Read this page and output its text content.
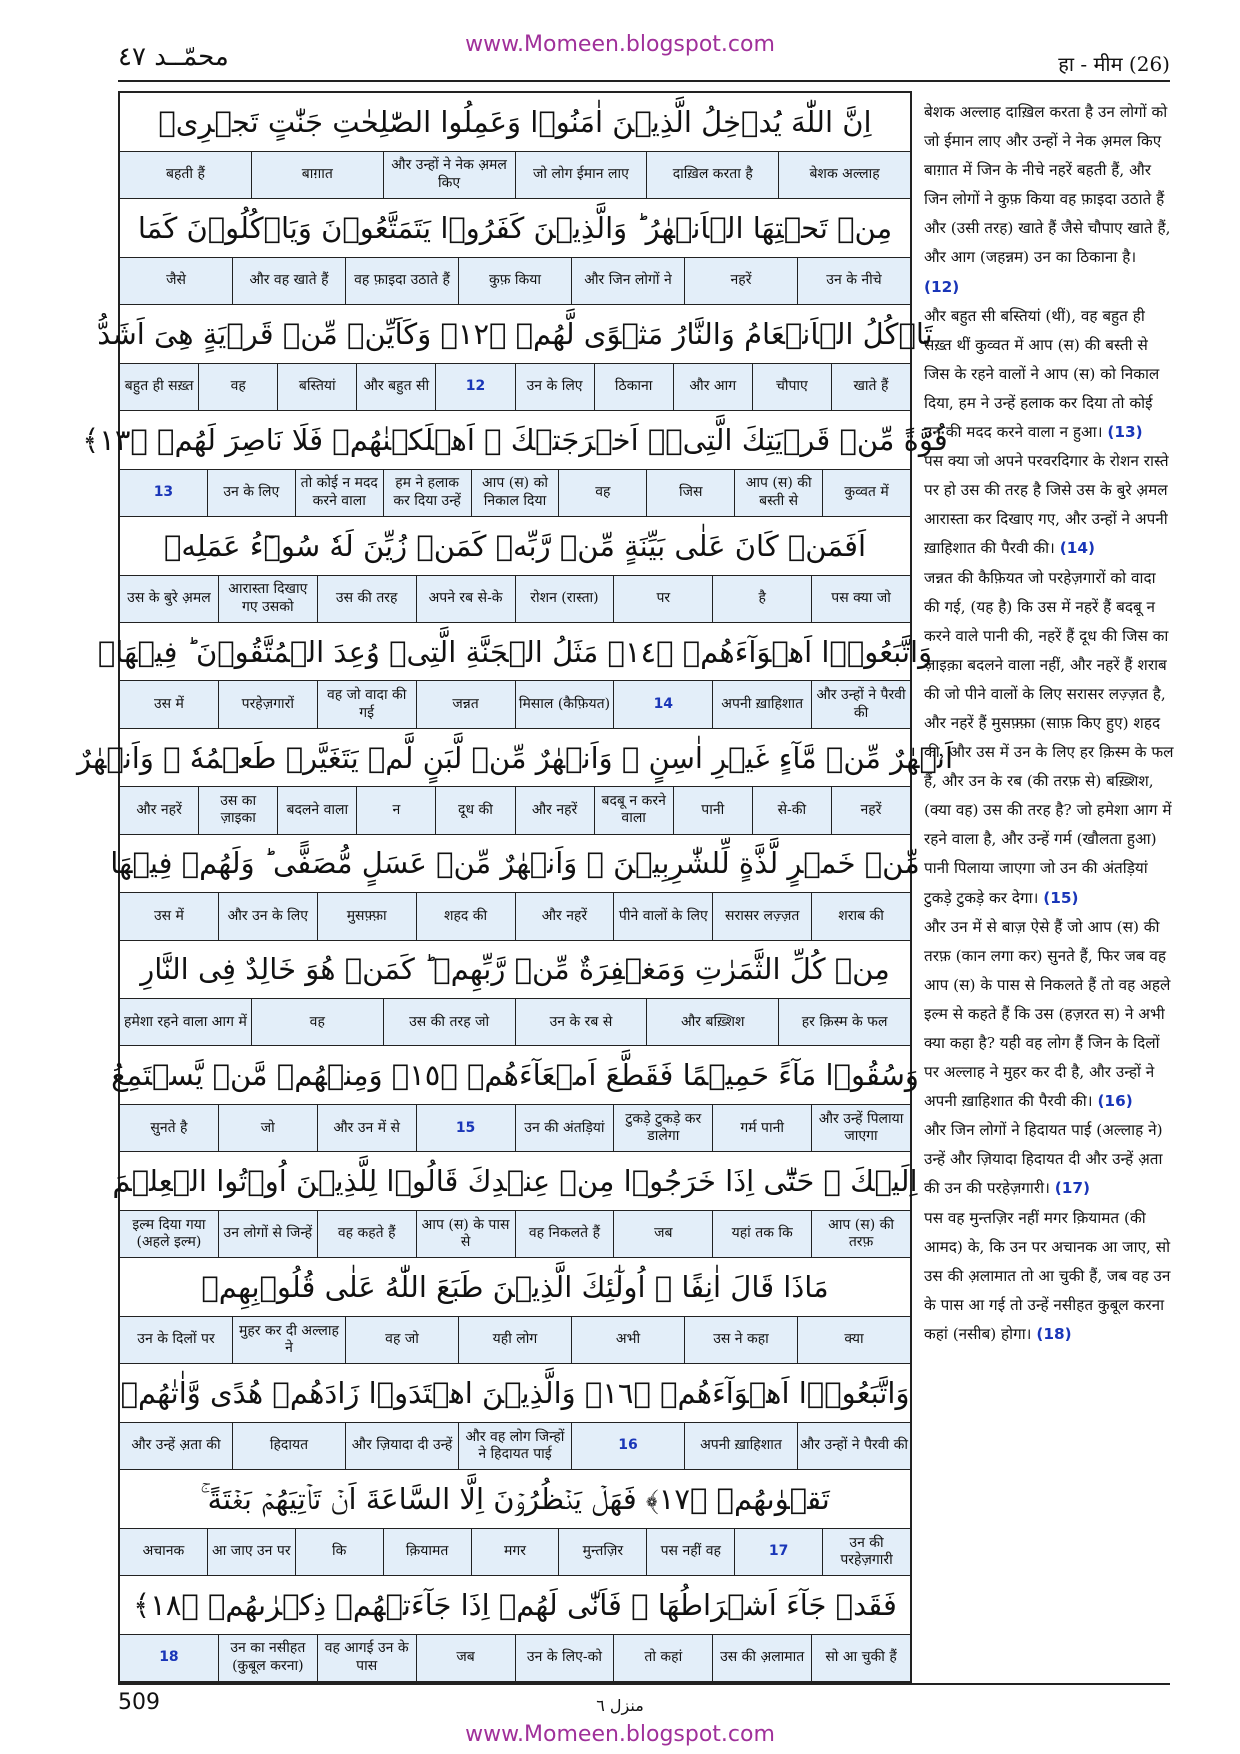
www.Momeen.blogspot.com
محمّــد ٤٧	हा - मीम (26)
اِنَّ اللّٰهَ يُدۡخِلُ الَّذِيۡنَ اٰمَنُوۡا وَعَمِلُوا الصّٰلِحٰتِ جَنّٰتٍ تَجۡرِىۡ
बेशक अल्लाह
दाख़िल करता है
जो लोग ईमान लाए
और उन्हों ने नेक अ़मल किए
बाग़ात
बहती हैं
مِنۡ تَحۡتِهَا الۡاَنۡهٰرُ ؕ وَالَّذِيۡنَ كَفَرُوۡا يَتَمَتَّعُوۡنَ وَيَاۡكُلُوۡنَ كَمَا
उन के नीचे
नहरें
और जिन लोगों ने
कुफ़ किया
वह फ़ाइदा उठाते हैं
और वह खाते हैं
जैसे
تَاۡكُلُ الۡاَنۡعَامُ وَالنَّارُ مَثۡوًى لَّهُمۡ ﴿١٢﴾ وَكَاَيِّنۡ مِّنۡ قَرۡيَةٍ هِىَ اَشَدُّ
खाते हैं
चौपाए
और आग
ठिकाना
उन के लिए
12
और बहुत सी
बस्तियां
वह
बहुत ही सख़्त
قُوَّةً مِّنۡ قَرۡيَتِكَ الَّتِىۡۤ اَخۡرَجَتۡكَ ۚ اَهۡلَكۡنٰهُمۡ فَلَا نَاصِرَ لَهُمۡ ﴿١٣﴾
कुव्वत में
आप (स) की बस्ती से
जिस
वह
आप (स) को निकाल दिया
हम ने हलाक कर दिया उन्हें
तो कोई न मदद करने वाला
उन के लिए
13
اَفَمَنۡ كَانَ عَلٰى بَيِّنَةٍ مِّنۡ رَّبِّهٖ كَمَنۡ زُيِّنَ لَهٗ سُوۡٓءُ عَمَلِهٖ
पस क्या जो
है
पर
रोशन (रास्ता)
अपने रब से-के
उस की तरह
आरास्ता दिखाए गए उसको
उस के बुरे अ़मल
وَاتَّبَعُوۡۤا اَهۡوَآءَهُمۡ ﴿١٤﴾ مَثَلُ الۡجَنَّةِ الَّتِىۡ وُعِدَ الۡمُتَّقُوۡنَ ؕ فِيۡهَاۤ
और उन्हों ने पैरवी की
अपनी ख़ाहिशात
14
मिसाल (कैफ़ियत)
जन्नत
वह जो वादा की गई
परहेज़गारों
उस में
اَنۡهٰرٌ مِّنۡ مَّآءٍ غَيۡرِ اٰسِنٍ ۚ وَاَنۡهٰرٌ مِّنۡ لَّبَنٍ لَّمۡ يَتَغَيَّرۡ طَعۡمُهٗ ۚ وَاَنۡهٰرٌ
नहरें
से-की
पानी
बदबू न करने वाला
और नहरें
दूध की
न
बदलने वाला
उस का ज़ाइका
और नहरें
مِّنۡ خَمۡرٍ لَّذَّةٍ لِّلشّٰرِبِيۡنَ ۚ وَاَنۡهٰرٌ مِّنۡ عَسَلٍ مُّصَفًّى ؕ وَلَهُمۡ فِيۡهَا
शराब की
सरासर लज़्ज़त
पीने वालों के लिए
और नहरें
शहद की
मुसफ़्फ़ा
और उन के लिए
उस में
مِنۡ كُلِّ الثَّمَرٰتِ وَمَغۡفِرَةٌ مِّنۡ رَّبِّهِمۡ ؕ كَمَنۡ هُوَ خَالِدٌ فِى النَّارِ
हर क़िस्म के फल
और बख़्शिश
उन के रब से
उस की तरह जो
वह
हमेशा रहने वाला आग में
وَسُقُوۡا مَآءً حَمِيۡمًا فَقَطَّعَ اَمۡعَآءَهُمۡ ﴿١٥﴾ وَمِنۡهُمۡ مَّنۡ يَّسۡتَمِعُ
और उन्हें पिलाया जाएगा
गर्म पानी
टुकड़े टुकड़े कर डालेगा
उन की अंतड़ियां
15
और उन में से
जो
सुनते है
اِلَيۡكَ ۚ حَتّٰٓى اِذَا خَرَجُوۡا مِنۡ عِنۡدِكَ قَالُوۡا لِلَّذِيۡنَ اُوۡتُوا الۡعِلۡمَ
आप (स) की तरफ़
यहां तक कि
जब
वह निकलते हैं
आप (स) के पास से
वह कहते हैं
उन लोगों से जिन्हें
इल्म दिया गया (अहले इल्म)
مَاذَا قَالَ اٰنِفًا ۗ اُولٰٓئِكَ الَّذِيۡنَ طَبَعَ اللّٰهُ عَلٰى قُلُوۡبِهِمۡ
क्या
उस ने कहा
अभी
यही लोग
वह जो
मुहर कर दी अल्लाह ने
उन के दिलों पर
وَاتَّبَعُوۡۤا اَهۡوَآءَهُمۡ ﴿١٦﴾ وَالَّذِيۡنَ اهۡتَدَوۡا زَادَهُمۡ هُدًى وَّاٰتٰهُمۡ
और उन्हों ने पैरवी की
अपनी ख़ाहिशात
16
और वह लोग जिन्हों ने हिदायत पाई
और ज़ियादा दी उन्हें
हिदायत
और उन्हें अ़ता की
تَقۡوٰٮهُمۡ ﴿١٧﴾ فَهَلۡ يَنۡظُرُوۡنَ اِلَّا السَّاعَةَ اَنۡ تَاۡتِيَهُمۡ بَغۡتَةً ۚ
उन की परहेज़गारी
17
पस नहीं वह
मुन्तज़िर
मगर
क़ियामत
कि
आ जाए उन पर
अचानक
فَقَدۡ جَآءَ اَشۡرَاطُهَا ۚ فَاَنّٰى لَهُمۡ اِذَا جَآءَتۡهُمۡ ذِكۡرٰٮهُمۡ ﴿١٨﴾
सो आ चुकी हैं
उस की अ़लामात
तो कहां
उन के लिए-को
जब
वह आगई उन के पास
उन का नसीहत (कुबूल करना)
18

बेशक अल्लाह दाख़िल करता है उन लोगों को जो ईमान लाए और उन्हों ने नेक अ़मल किए बाग़ात में जिन के नीचे नहरें बहती हैं, और जिन लोगों ने कुफ़ किया वह फ़ाइदा उठाते हैं और (उसी तरह) खाते हैं जैसे चौपाए खाते हैं, और आग (जहन्नम) उन का ठिकाना है। (12)

और बहुत सी बस्तियां (थीं), वह बहुत ही सख़्त थीं कुव्वत में आप (स) की बस्ती से जिस के रहने वालों ने आप (स) को निकाल दिया, हम ने उन्हें हलाक कर दिया तो कोई उन की मदद करने वाला न हुआ। (13)

पस क्या जो अपने परवरदिगार के रोशन रास्ते पर हो उस की तरह है जिसे उस के बुरे अ़मल आरास्ता कर दिखाए गए, और उन्हों ने अपनी ख़ाहिशात की पैरवी की। (14)

जन्नत की कैफ़ियत जो परहेज़गारों को वादा की गई, (यह है) कि उस में नहरें हैं बदबू न करने वाले पानी की, नहरें हैं दूध की जिस का ज़ाइक़ा बदलने वाला नहीं, और नहरें हैं शराब की जो पीने वालों के लिए सरासर लज़्ज़त है, और नहरें हैं मुसफ़्फ़ा (साफ़ किए हुए) शहद की, और उस में उन के लिए हर क़िस्म के फल हैं, और उन के रब (की तरफ़ से) बख़्शिश, (क्या वह) उस की तरह है? जो हमेशा आग में रहने वाला है, और उन्हें गर्म (खौलता हुआ) पानी पिलाया जाएगा जो उन की अंतड़ियां टुकड़े टुकड़े कर देगा। (15)

और उन में से बाज़ ऐसे हैं जो आप (स) की तरफ़ (कान लगा कर) सुनते हैं, फिर जब वह आप (स) के पास से निकलते हैं तो वह अहले इल्म से कहते हैं कि उस (हज़रत स) ने अभी क्या कहा है? यही वह लोग हैं जिन के दिलों पर अल्लाह ने मुहर कर दी है, और उन्हों ने अपनी ख़ाहिशात की पैरवी की। (16)

और जिन लोगों ने हिदायत पाई (अल्लाह ने) उन्हें और ज़ियादा हिदायत दी और उन्हें अ़ता की उन की परहेज़गारी। (17)

पस वह मुन्तज़िर नहीं मगर क़ियामत (की आमद) के, कि उन पर अचानक आ जाए, सो उस की अ़लामात तो आ चुकी हैं, जब वह उन के पास आ गई तो उन्हें नसीहत कुबूल करना कहां (नसीब) होगा। (18)

509	منزل ٦
www.Momeen.blogspot.com
